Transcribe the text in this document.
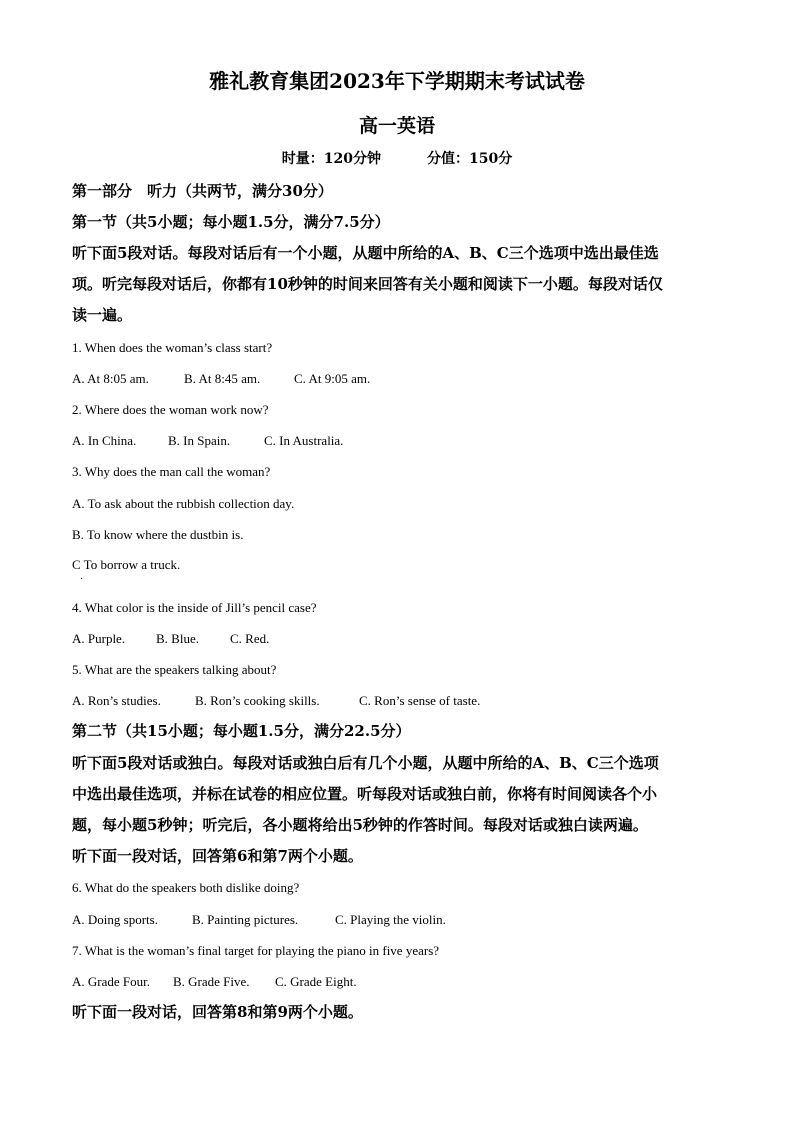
雅礼教育集团2023年下学期期末考试试卷
高一英语
时量：120分钟	分值：150分
第一部分　听力（共两节，满分30分）
第一节（共5小题；每小题1.5分，满分7.5分）
听下面5段对话。每段对话后有一个小题，从题中所给的A、B、C三个选项中选出最佳选
项。听完每段对话后，你都有10秒钟的时间来回答有关小题和阅读下一小题。每段对话仅
读一遍。
1. When does the woman’s class start?
A. At 8:05 am.	B. At 8:45 am.	C. At 9:05 am.
2. Where does the woman work now?
A. In China. B. In Spain.	C. In Australia.
3. Why does the man call the woman?
A. To ask about the rubbish collection day.
B. To know where the dustbin is.
C To borrow a truck.
·
4. What color is the inside of Jill’s pencil case?
A. Purple. B. Blue. C. Red.
5. What are the speakers talking about?
A. Ron’s studies.	B. Ron’s cooking skills.	C. Ron’s sense of taste.
第二节（共15小题；每小题1.5分，满分22.5分）
听下面5段对话或独白。每段对话或独白后有几个小题，从题中所给的A、B、C三个选项
中选出最佳选项，并标在试卷的相应位置。听每段对话或独白前，你将有时间阅读各个小
题，每小题5秒钟；听完后，各小题将给出5秒钟的作答时间。每段对话或独白读两遍。
听下面一段对话，回答第6和第7两个小题。
6. What do the speakers both dislike doing?
A. Doing sports.	B. Painting pictures.	C. Playing the violin.
7. What is the woman’s final target for playing the piano in five years?
A. Grade Four. B. Grade Five. C. Grade Eight.
听下面一段对话，回答第8和第9两个小题。
